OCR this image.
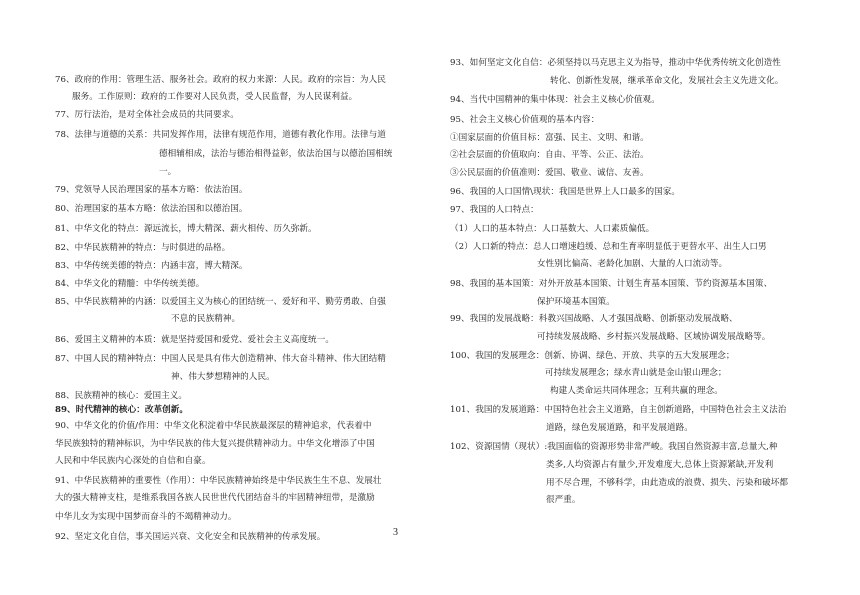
76、政府的作用：管理生活、服务社会。政府的权力来源：人民。政府的宗旨：为人民
服务。工作原则：政府的工作要对人民负责，受人民监督，为人民谋利益。
77、厉行法治，是对全体社会成员的共同要求。
78、法律与道德的关系：共同发挥作用，法律有规范作用，道德有教化作用。法律与道
德相辅相成，法治与德治相得益彰，依法治国与以德治国相统
一。
79、党领导人民治理国家的基本方略：依法治国。
80、治理国家的基本方略：依法治国和以德治国。
81、中华文化的特点：源远流长，博大精深、薪火相传、历久弥新。
82、中华民族精神的特点：与时俱进的品格。
83、中华传统美德的特点：内涵丰富，博大精深。
84、中华文化的精髓：中华传统美德。
85、中华民族精神的内涵：以爱国主义为核心的团结统一、爱好和平、勤劳勇敢、自强
不息的民族精神。
86、爱国主义精神的本质：就是坚持爱国和爱党、爱社会主义高度统一。
87、中国人民的精神特点：中国人民是具有伟大创造精神、伟大奋斗精神、伟大团结精
神、伟大梦想精神的人民。
88、民族精神的核心：爱国主义。
89、时代精神的核心：改革创新。
90、中华文化的价值/作用：中华文化积淀着中华民族最深层的精神追求，代表着中
华民族独特的精神标识，为中华民族的伟大复兴提供精神动力。中华文化增添了中国
人民和中华民族内心深处的自信和自豪。
91、中华民族精神的重要性（作用）：中华民族精神始终是中华民族生生不息、发展壮
大的强大精神支柱，是维系我国各族人民世世代代团结奋斗的牢固精神纽带，是激励
中华儿女为实现中国梦而奋斗的不竭精神动力。
92、坚定文化自信，事关国运兴衰、文化安全和民族精神的传承发展。	3
93、如何坚定文化自信：必须坚持以马克思主义为指导，推动中华优秀传统文化创造性
转化、创新性发展，继承革命文化，发展社会主义先进文化。
94、当代中国精神的集中体现：社会主义核心价值观。
95、社会主义核心价值观的基本内容：
①国家层面的价值目标：富强、民主、文明、和谐。
②社会层面的价值取向：自由、平等、公正、法治。
③公民层面的价值准则：爱国、敬业、诚信、友善。
96、我国的人口国情\现状：我国是世界上人口最多的国家。
97、我国的人口特点：
（1）人口的基本特点：人口基数大、人口素质偏低。
（2）人口新的特点：总人口增速趋缓、总和生育率明显低于更替水平、出生人口男
女性别比偏高、老龄化加剧、大量的人口流动等。
98、我国的基本国策：对外开放基本国策、计划生育基本国策、节约资源基本国策、
保护环境基本国策。
99、我国的发展战略：科教兴国战略、人才强国战略、创新驱动发展战略、
可持续发展战略、乡村振兴发展战略、区域协调发展战略等。
100、我国的发展理念：创新、协调、绿色、开放、共享的五大发展理念；
可持续发展理念；绿水青山就是金山银山理念；
构建人类命运共同体理念；互利共赢的理念。
101、我国的发展道路：中国特色社会主义道路，自主创新道路，中国特色社会主义法治
道路，绿色发展道路，和平发展道路。
102、资源国情（现状）:我国面临的资源形势非常严峻。我国自然资源丰富,总量大,种
类多,人均资源占有量少,开发难度大,总体上资源紧缺,开发利
用不尽合理，不够科学，由此造成的浪费、损失、污染和破坏都
很严重。
